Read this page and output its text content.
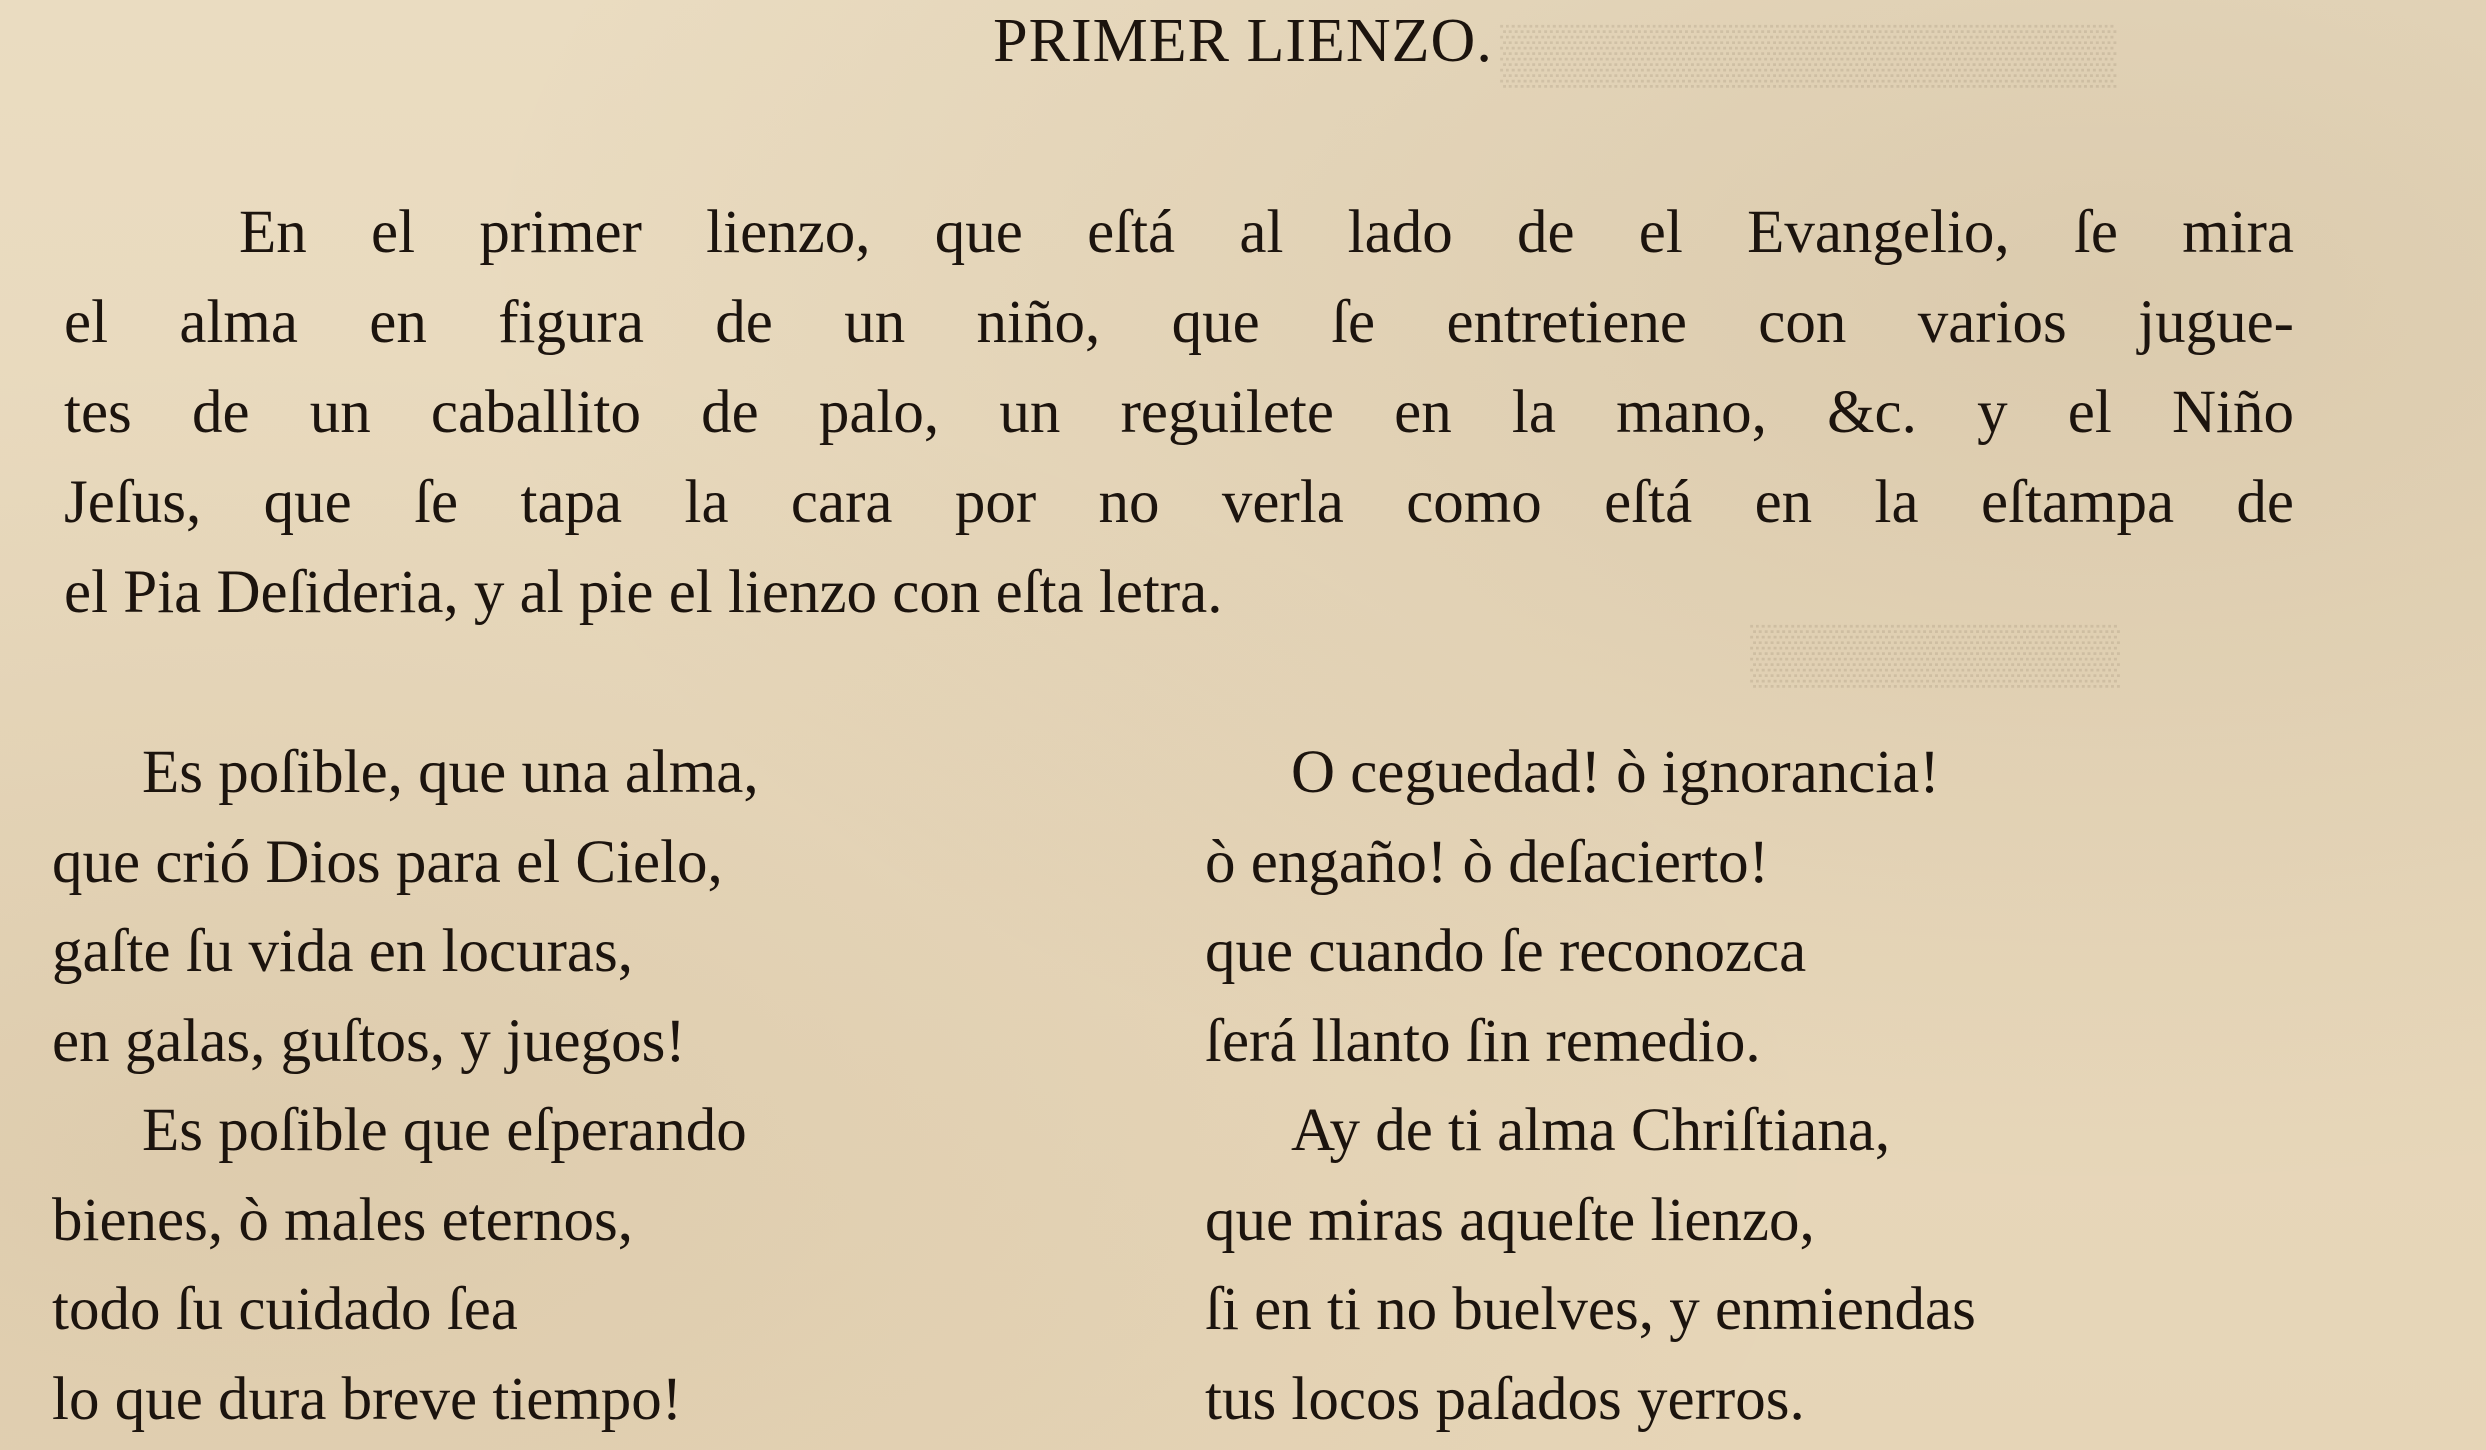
▒▒▒▒▒▒▒▒▒▒▒▒▒▒▒
▒▒▒▒▒▒▒▒▒
PRIMER LIENZO.
En el primer lienzo, que eſtá al lado de el Evangelio, ſe mira
el alma en figura de un niño, que ſe entretiene con varios jugue-
tes de un caballito de palo, un reguilete en la mano, &c. y el Niño
Jeſus, que ſe tapa la cara por no verla como eſtá en la eſtampa de
el Pia Deſideria, y al pie el lienzo con eſta letra.
Es poſible, que una alma,
que crió Dios para el Cielo,
gaſte ſu vida en locuras,
en galas, guſtos, y juegos!
Es poſible que eſperando
bienes, ò males eternos,
todo ſu cuidado ſea
lo que dura breve tiempo!
O ceguedad! ò ignorancia!
ò engaño! ò deſacierto!
que cuando ſe reconozca
ſerá llanto ſin remedio.
Ay de ti alma Chriſtiana,
que miras aqueſte lienzo,
ſi en ti no buelves, y enmiendas
tus locos paſados yerros.
